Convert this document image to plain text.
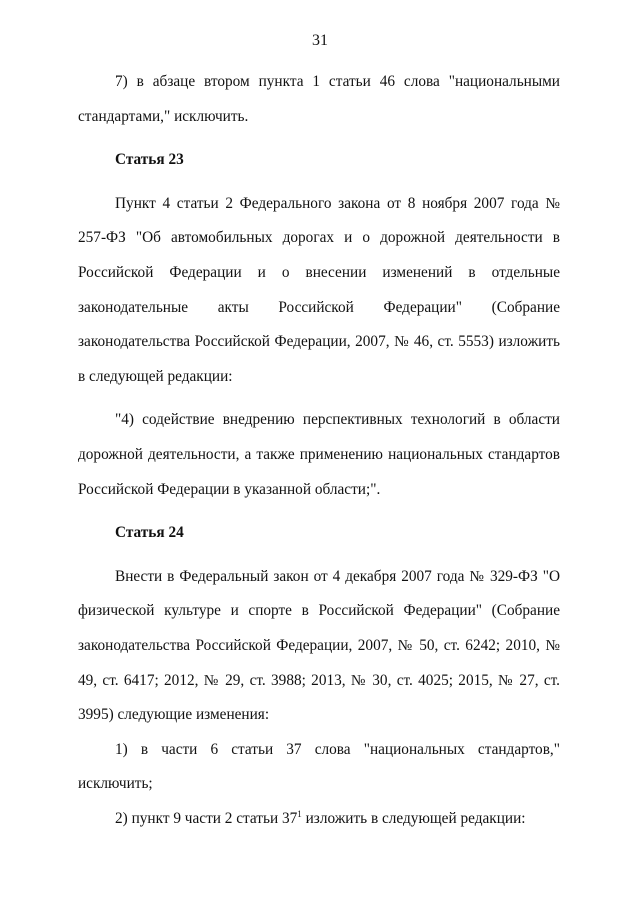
31

7) в абзаце втором пункта 1 статьи 46 слова "национальными стандартами," исключить.

Статья 23

Пункт 4 статьи 2 Федерального закона от 8 ноября 2007 года № 257-ФЗ "Об автомобильных дорогах и о дорожной деятельности в Российской Федерации и о внесении изменений в отдельные законодательные акты Российской Федерации" (Собрание законодательства Российской Федерации, 2007, № 46, ст. 5553) изложить в следующей редакции:

"4) содействие внедрению перспективных технологий в области дорожной деятельности, а также применению национальных стандартов Российской Федерации в указанной области;".

Статья 24

Внести в Федеральный закон от 4 декабря 2007 года № 329-ФЗ "О физической культуре и спорте в Российской Федерации" (Собрание законодательства Российской Федерации, 2007, № 50, ст. 6242; 2010, № 49, ст. 6417; 2012, № 29, ст. 3988; 2013, № 30, ст. 4025; 2015, № 27, ст. 3995) следующие изменения:

1) в части 6 статьи 37 слова "национальных стандартов," исключить;

2) пункт 9 части 2 статьи $37^1$ изложить в следующей редакции:
